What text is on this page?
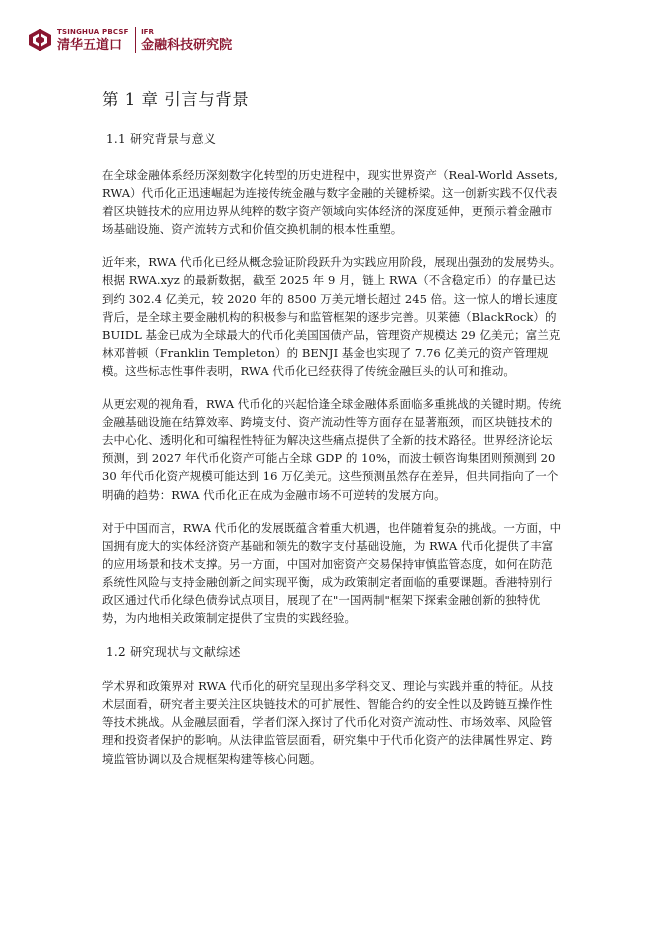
TSINGHUA PBCSF
清华五道口
IFR
金融科技研究院
第 1 章 引言与背景
1.1 研究背景与意义

在全球金融体系经历深刻数字化转型的历史进程中，现实世界资产（Real-World Assets, RWA）代币化正迅速崛起为连接传统金融与数字金融的关键桥梁。这一创新实践不仅代表着区块链技术的应用边界从纯粹的数字资产领域向实体经济的深度延伸，更预示着金融市场基础设施、资产流转方式和价值交换机制的根本性重塑。

近年来，RWA 代币化已经从概念验证阶段跃升为实践应用阶段，展现出强劲的发展势头。根据 RWA.xyz 的最新数据，截至 2025 年 9 月，链上 RWA（不含稳定币）的存量已达到约 302.4 亿美元，较 2020 年的 8500 万美元增长超过 245 倍。这一惊人的增长速度背后，是全球主要金融机构的积极参与和监管框架的逐步完善。贝莱德（BlackRock）的 BUIDL 基金已成为全球最大的代币化美国国债产品，管理资产规模达 29 亿美元；富兰克林邓普顿（Franklin Templeton）的 BENJI 基金也实现了 7.76 亿美元的资产管理规模。这些标志性事件表明，RWA 代币化已经获得了传统金融巨头的认可和推动。

从更宏观的视角看，RWA 代币化的兴起恰逢全球金融体系面临多重挑战的关键时期。传统金融基础设施在结算效率、跨境支付、资产流动性等方面存在显著瓶颈，而区块链技术的去中心化、透明化和可编程性特征为解决这些痛点提供了全新的技术路径。世界经济论坛预测，到 2027 年代币化资产可能占全球 GDP 的 10%，而波士顿咨询集团则预测到 2030 年代币化资产规模可能达到 16 万亿美元。这些预测虽然存在差异，但共同指向了一个明确的趋势：RWA 代币化正在成为金融市场不可逆转的发展方向。

对于中国而言，RWA 代币化的发展既蕴含着重大机遇，也伴随着复杂的挑战。一方面，中国拥有庞大的实体经济资产基础和领先的数字支付基础设施，为 RWA 代币化提供了丰富的应用场景和技术支撑。另一方面，中国对加密资产交易保持审慎监管态度，如何在防范系统性风险与支持金融创新之间实现平衡，成为政策制定者面临的重要课题。香港特别行政区通过代币化绿色债券试点项目，展现了在"一国两制"框架下探索金融创新的独特优势，为内地相关政策制定提供了宝贵的实践经验。

1.2 研究现状与文献综述

学术界和政策界对 RWA 代币化的研究呈现出多学科交叉、理论与实践并重的特征。从技术层面看，研究者主要关注区块链技术的可扩展性、智能合约的安全性以及跨链互操作性等技术挑战。从金融层面看，学者们深入探讨了代币化对资产流动性、市场效率、风险管理和投资者保护的影响。从法律监管层面看，研究集中于代币化资产的法律属性界定、跨境监管协调以及合规框架构建等核心问题。
